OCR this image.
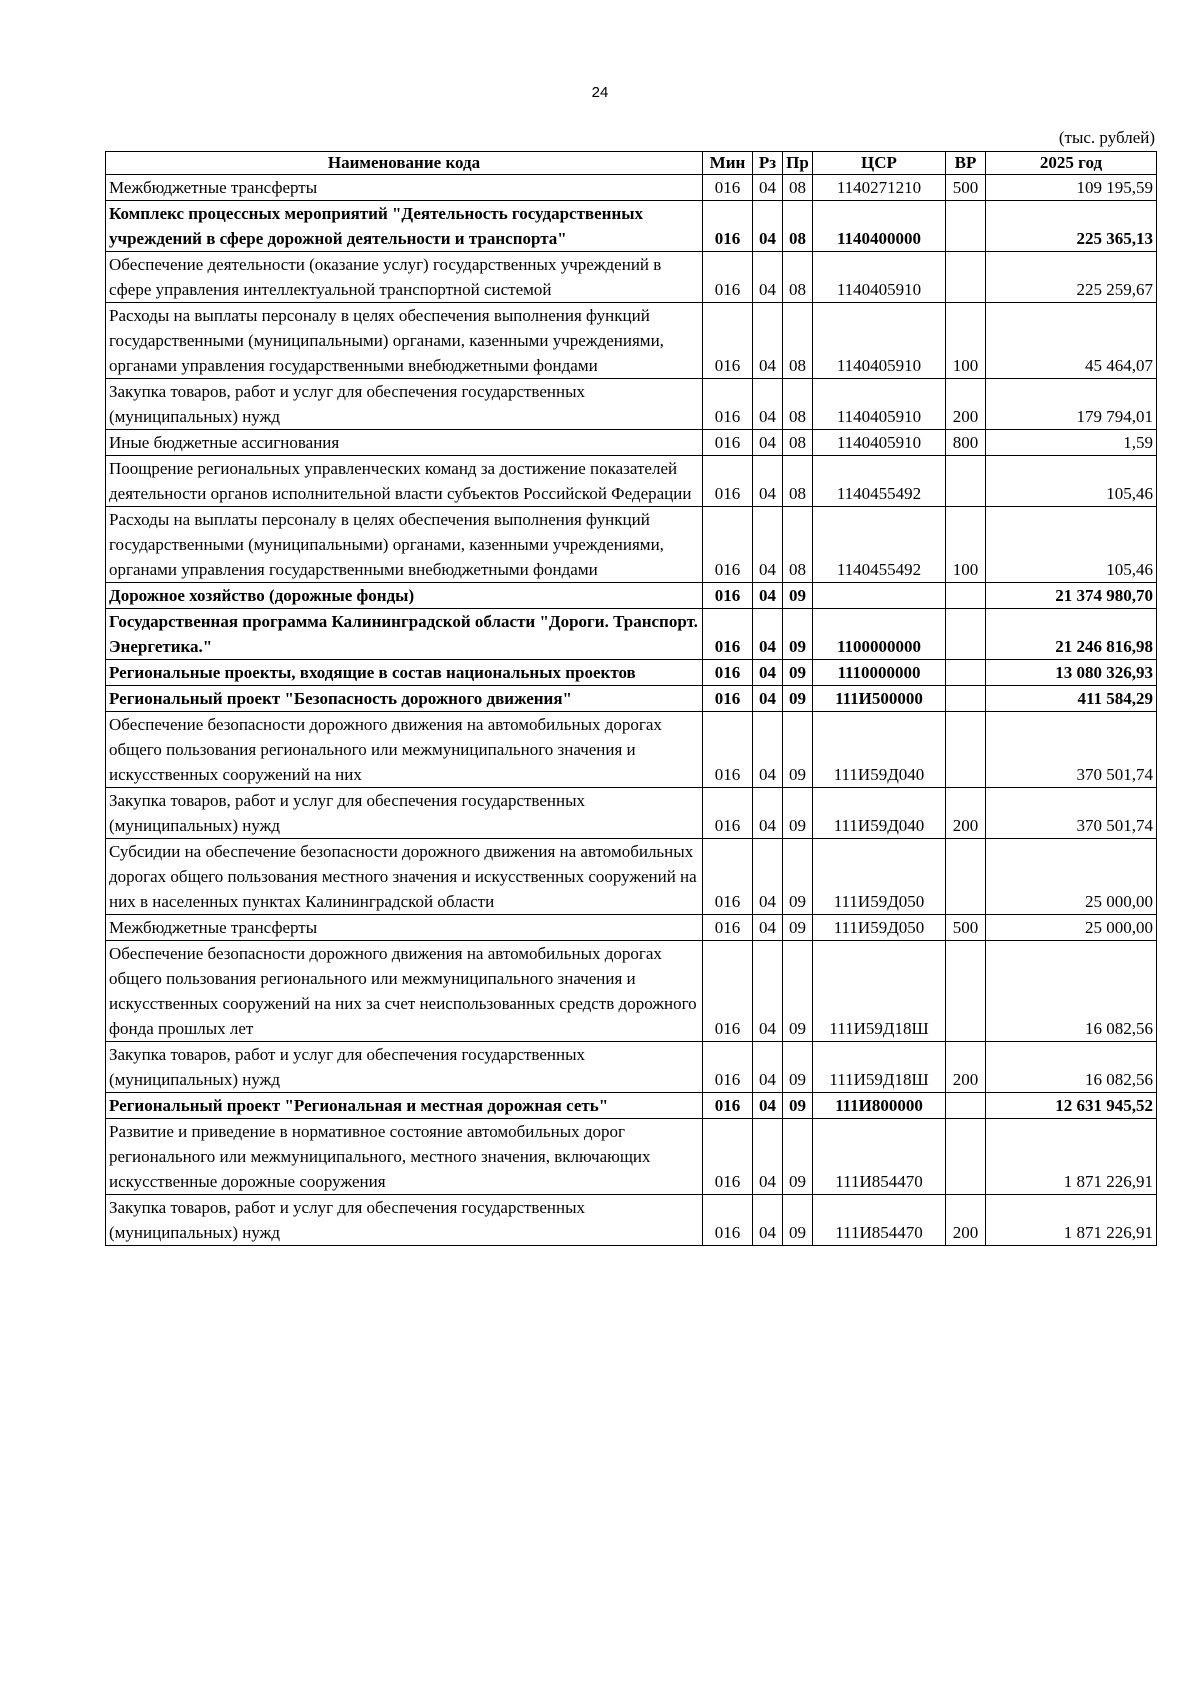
24
(тыс. рублей)
Наименование кода	Мин	Рз	Пр	ЦСР	ВР	2025 год
Межбюджетные трансферты	016	04	08	1140271210	500	109 195,59
Комплекс процессных мероприятий "Деятельность государственных учреждений в сфере дорожной деятельности и транспорта"	016	04	08	1140400000		225 365,13
Обеспечение деятельности (оказание услуг) государственных учреждений в сфере управления интеллектуальной транспортной системой	016	04	08	1140405910		225 259,67
Расходы на выплаты персоналу в целях обеспечения выполнения функций государственными (муниципальными) органами, казенными учреждениями, органами управления государственными внебюджетными фондами	016	04	08	1140405910	100	45 464,07
Закупка товаров, работ и услуг для обеспечения государственных (муниципальных) нужд	016	04	08	1140405910	200	179 794,01
Иные бюджетные ассигнования	016	04	08	1140405910	800	1,59
Поощрение региональных управленческих команд за достижение показателей деятельности органов исполнительной власти субъектов Российской Федерации	016	04	08	1140455492		105,46
Расходы на выплаты персоналу в целях обеспечения выполнения функций государственными (муниципальными) органами, казенными учреждениями, органами управления государственными внебюджетными фондами	016	04	08	1140455492	100	105,46
Дорожное хозяйство (дорожные фонды)	016	04	09			21 374 980,70
Государственная программа Калининградской области "Дороги. Транспорт. Энергетика."	016	04	09	1100000000		21 246 816,98
Региональные проекты, входящие в состав национальных проектов	016	04	09	1110000000		13 080 326,93
Региональный проект "Безопасность дорожного движения"	016	04	09	111И500000		411 584,29
Обеспечение безопасности дорожного движения на автомобильных дорогах общего пользования регионального или межмуниципального значения и искусственных сооружений на них	016	04	09	111И59Д040		370 501,74
Закупка товаров, работ и услуг для обеспечения государственных (муниципальных) нужд	016	04	09	111И59Д040	200	370 501,74
Субсидии на обеспечение безопасности дорожного движения на автомобильных дорогах общего пользования местного значения и искусственных сооружений на них в населенных пунктах Калининградской области	016	04	09	111И59Д050		25 000,00
Межбюджетные трансферты	016	04	09	111И59Д050	500	25 000,00
Обеспечение безопасности дорожного движения на автомобильных дорогах общего пользования регионального или межмуниципального значения и искусственных сооружений на них за счет неиспользованных средств дорожного фонда прошлых лет	016	04	09	111И59Д18Ш		16 082,56
Закупка товаров, работ и услуг для обеспечения государственных (муниципальных) нужд	016	04	09	111И59Д18Ш	200	16 082,56
Региональный проект "Региональная и местная дорожная сеть"	016	04	09	111И800000		12 631 945,52
Развитие и приведение в нормативное состояние автомобильных дорог регионального или межмуниципального, местного значения, включающих искусственные дорожные сооружения	016	04	09	111И854470		1 871 226,91
Закупка товаров, работ и услуг для обеспечения государственных (муниципальных) нужд	016	04	09	111И854470	200	1 871 226,91
